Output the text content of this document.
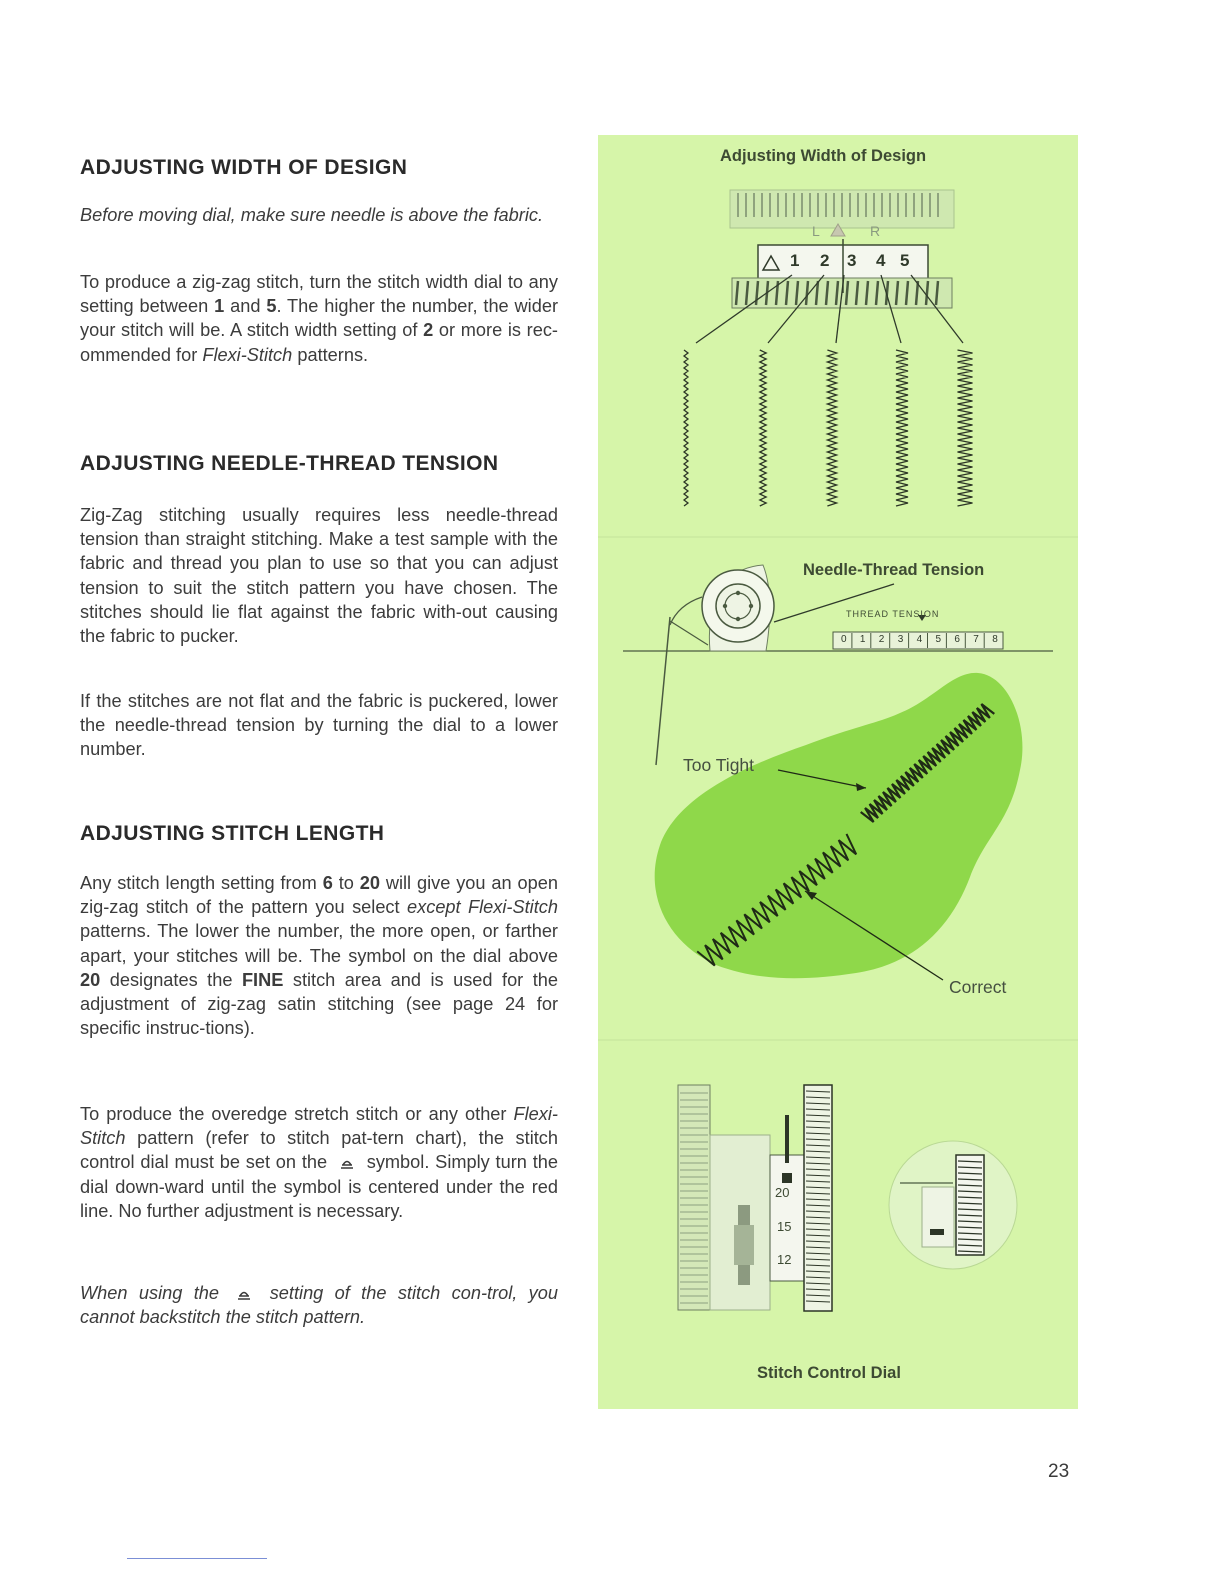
ADJUSTING WIDTH OF DESIGN

Before moving dial, make sure needle is above the fabric.

To produce a zig-zag stitch, turn the stitch width dial to any setting between 1 and 5. The higher the number, the wider your stitch will be. A stitch width setting of 2 or more is rec-ommended for Flexi-Stitch patterns.

ADJUSTING NEEDLE-THREAD TENSION

Zig-Zag stitching usually requires less needle-thread tension than straight stitching. Make a test sample with the fabric and thread you plan to use so that you can adjust tension to suit the stitch pattern you have chosen. The stitches should lie flat against the fabric with-out causing the fabric to pucker.

If the stitches are not flat and the fabric is puckered, lower the needle-thread tension by turning the dial to a lower number.

ADJUSTING STITCH LENGTH

Any stitch length setting from 6 to 20 will give you an open zig-zag stitch of the pattern you select except Flexi-Stitch patterns. The lower the number, the more open, or farther apart, your stitches will be. The symbol on the dial above 20 designates the FINE stitch area and is used for the adjustment of zig-zag satin stitching (see page 24 for specific instruc-tions).

To produce the overedge stretch stitch or any other Flexi-Stitch pattern (refer to stitch pat-tern chart), the stitch control dial must be set on the  symbol. Simply turn the dial down-ward until the symbol is centered under the red line. No further adjustment is necessary.

When using the  setting of the stitch con-trol, you cannot backstitch the stitch pattern.

Adjusting Width of Design
L	R
1 2 3 4 5
Needle-Thread Tension
THREAD TENSION
0 1 2 3 4 5 6 7 8
Too Tight
Correct
20
15
12
Stitch Control Dial
23
